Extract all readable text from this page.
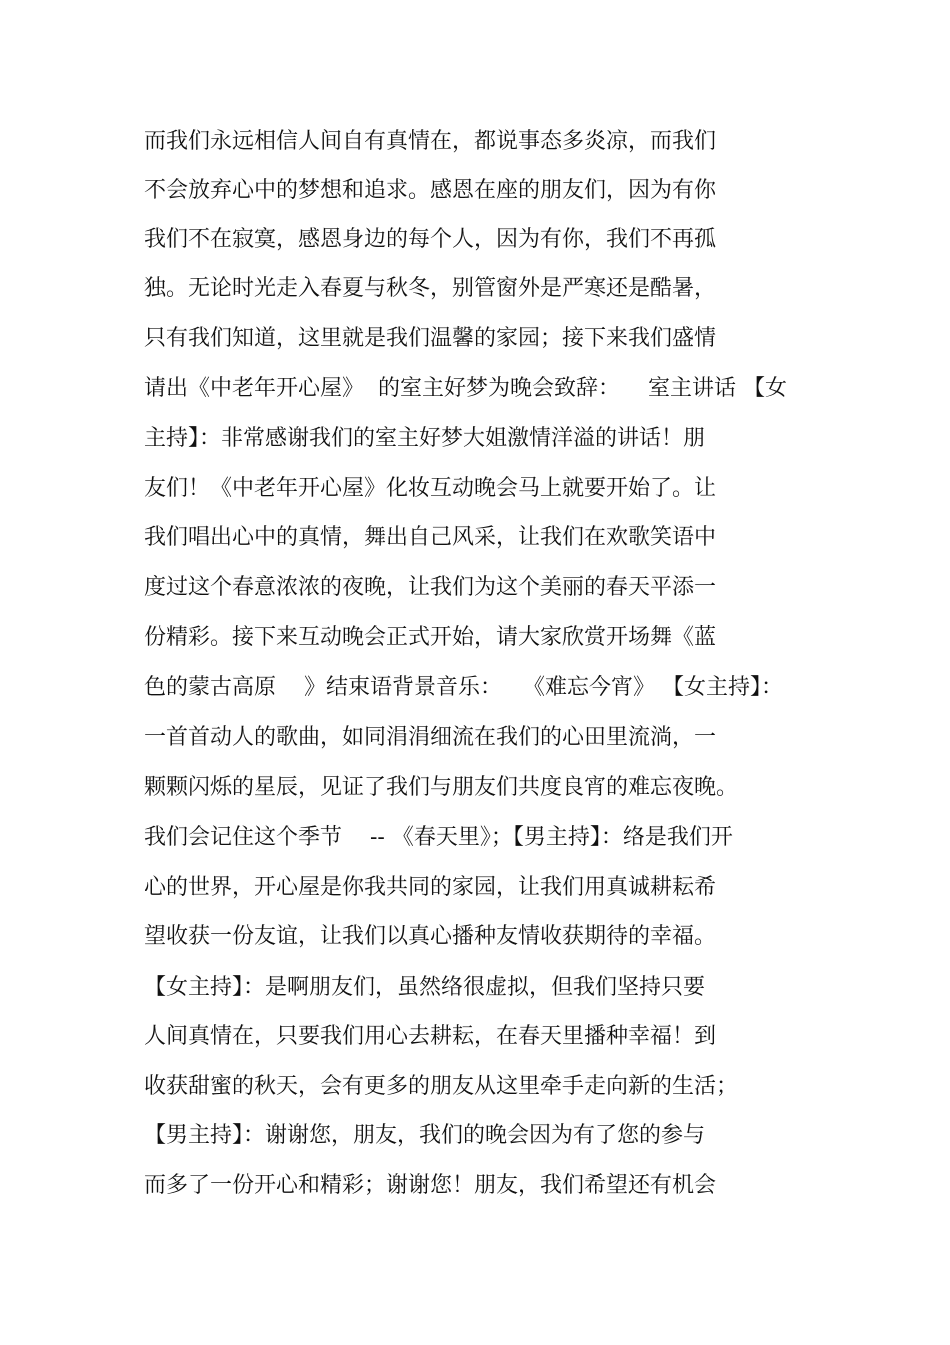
而我们永远相信人间自有真情在，都说事态多炎凉，而我们
不会放弃心中的梦想和追求。感恩在座的朋友们，因为有你
我们不在寂寞，感恩身边的每个人，因为有你，我们不再孤
独。无论时光走入春夏与秋冬，别管窗外是严寒还是酷暑，
只有我们知道，这里就是我们温馨的家园；接下来我们盛情
请出《中老年开心屋》  的室主好梦为晚会致辞：    室主讲话 【女
主持】：非常感谢我们的室主好梦大姐激情洋溢的讲话！朋
友们！《中老年开心屋》化妆互动晚会马上就要开始了。让
我们唱出心中的真情，舞出自己风采，让我们在欢歌笑语中
度过这个春意浓浓的夜晚，让我们为这个美丽的春天平添一
份精彩。接下来互动晚会正式开始，请大家欣赏开场舞《蓝
色的蒙古高原    》结束语背景音乐：   《难忘今宵》 【女主持】：
一首首动人的歌曲，如同涓涓细流在我们的心田里流淌，一
颗颗闪烁的星辰，见证了我们与朋友们共度良宵的难忘夜晚。
我们会记住这个季节    -- 《春天里》；【男主持】：络是我们开
心的世界，开心屋是你我共同的家园，让我们用真诚耕耘希
望收获一份友谊，让我们以真心播种友情收获期待的幸福。
【女主持】：是啊朋友们，虽然络很虚拟，但我们坚持只要
人间真情在，只要我们用心去耕耘，在春天里播种幸福！到
收获甜蜜的秋天，会有更多的朋友从这里牵手走向新的生活；
【男主持】：谢谢您，朋友，我们的晚会因为有了您的参与
而多了一份开心和精彩；谢谢您！朋友，我们希望还有机会
